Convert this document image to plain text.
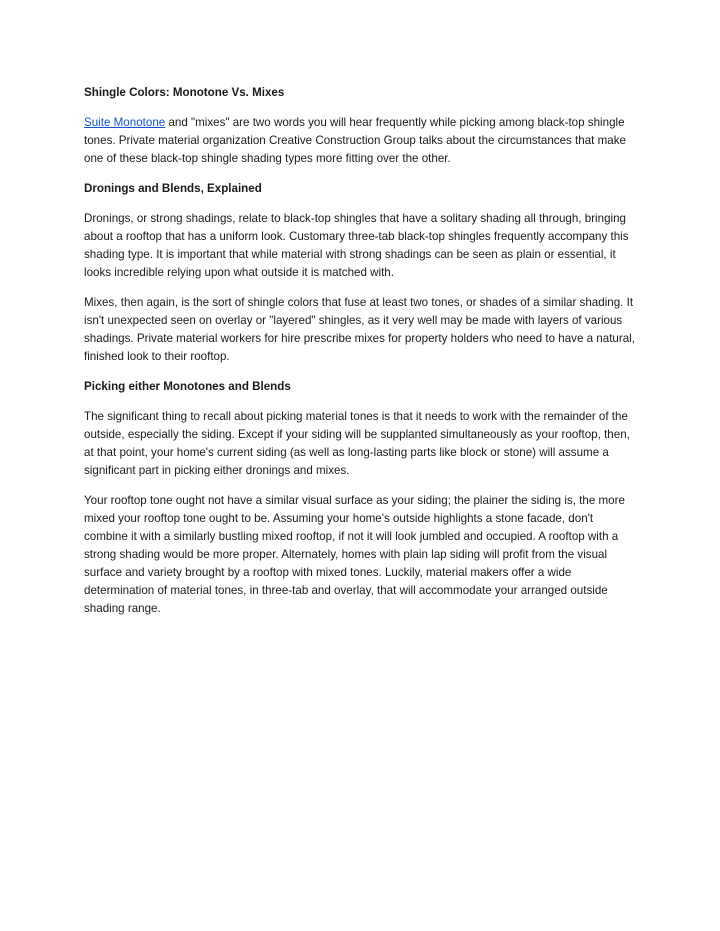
Shingle Colors: Monotone Vs. Mixes

Suite Monotone and "mixes" are two words you will hear frequently while picking among black-top shingle tones. Private material organization Creative Construction Group talks about the circumstances that make one of these black-top shingle shading types more fitting over the other.

Dronings and Blends, Explained

Dronings, or strong shadings, relate to black-top shingles that have a solitary shading all through, bringing about a rooftop that has a uniform look. Customary three-tab black-top shingles frequently accompany this shading type. It is important that while material with strong shadings can be seen as plain or essential, it looks incredible relying upon what outside it is matched with.

Mixes, then again, is the sort of shingle colors that fuse at least two tones, or shades of a similar shading. It isn't unexpected seen on overlay or "layered" shingles, as it very well may be made with layers of various shadings. Private material workers for hire prescribe mixes for property holders who need to have a natural, finished look to their rooftop.

Picking either Monotones and Blends

The significant thing to recall about picking material tones is that it needs to work with the remainder of the outside, especially the siding. Except if your siding will be supplanted simultaneously as your rooftop, then, at that point, your home's current siding (as well as long-lasting parts like block or stone) will assume a significant part in picking either dronings and mixes.

Your rooftop tone ought not have a similar visual surface as your siding; the plainer the siding is, the more mixed your rooftop tone ought to be. Assuming your home's outside highlights a stone facade, don't combine it with a similarly bustling mixed rooftop, if not it will look jumbled and occupied. A rooftop with a strong shading would be more proper. Alternately, homes with plain lap siding will profit from the visual surface and variety brought by a rooftop with mixed tones. Luckily, material makers offer a wide determination of material tones, in three-tab and overlay, that will accommodate your arranged outside shading range.
